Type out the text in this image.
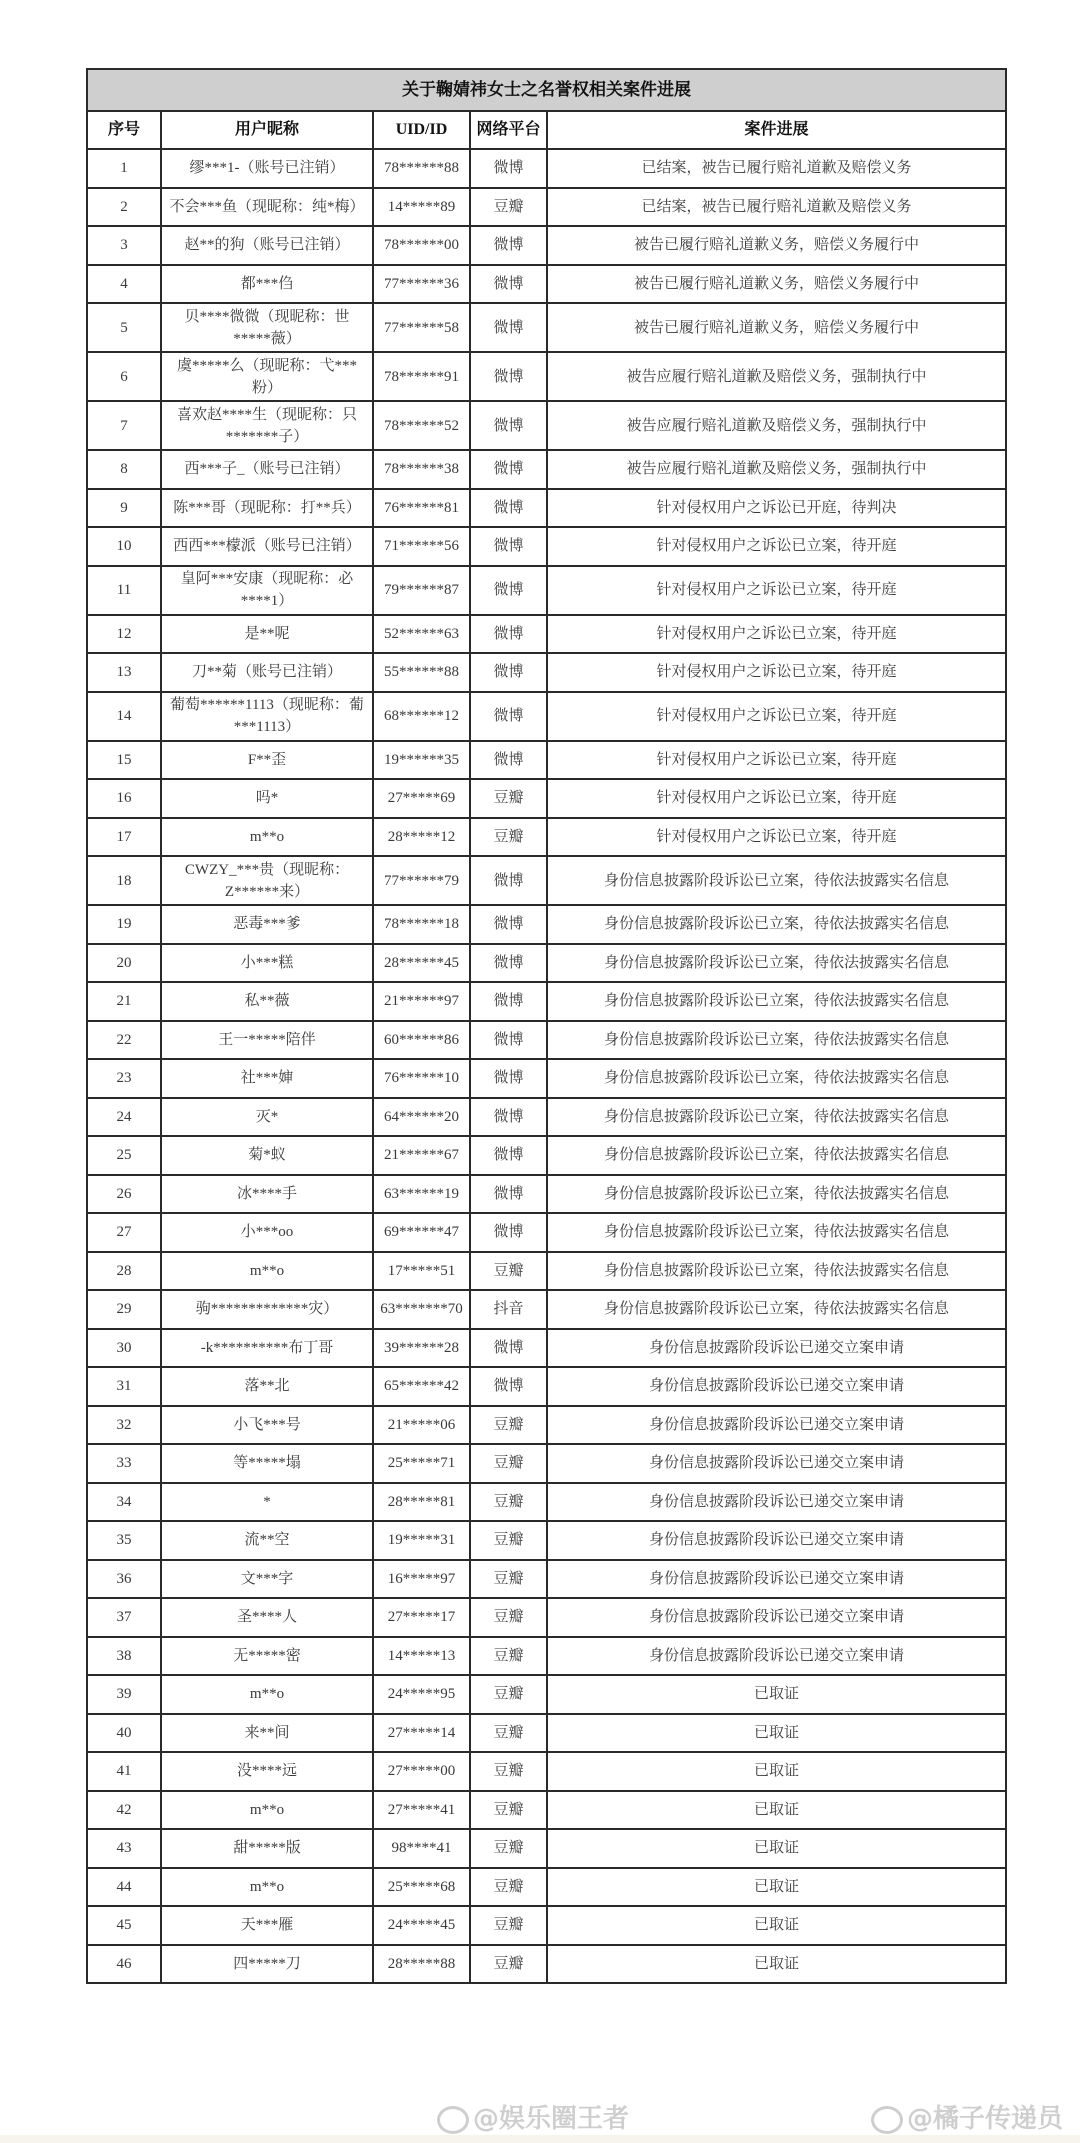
关于鞠婧祎女士之名誉权相关案件进展				
序号	用户昵称	UID/ID	网络平台	案件进展
1	缪***1-（账号已注销）	78******88	微博	已结案，被告已履行赔礼道歉及赔偿义务
2	不会***鱼（现昵称：纯*梅）	14*****89	豆瓣	已结案，被告已履行赔礼道歉及赔偿义务
3	赵**的狗（账号已注销）	78******00	微博	被告已履行赔礼道歉义务，赔偿义务履行中
4	都***㑇	77******36	微博	被告已履行赔礼道歉义务，赔偿义务履行中
5	贝****微微（现昵称：世*****薇）	77******58	微博	被告已履行赔礼道歉义务，赔偿义务履行中
6	虞*****么（现昵称：弋***粉）	78******91	微博	被告应履行赔礼道歉及赔偿义务，强制执行中
7	喜欢赵****生（现昵称：只*******子）	78******52	微博	被告应履行赔礼道歉及赔偿义务，强制执行中
8	西***子_（账号已注销）	78******38	微博	被告应履行赔礼道歉及赔偿义务，强制执行中
9	陈***哥（现昵称：打**兵）	76******81	微博	针对侵权用户之诉讼已开庭，待判决
10	西西***檬派（账号已注销）	71******56	微博	针对侵权用户之诉讼已立案，待开庭
11	皇阿***安康（现昵称：必****1）	79******87	微博	针对侵权用户之诉讼已立案，待开庭
12	是**呢	52******63	微博	针对侵权用户之诉讼已立案，待开庭
13	刀**菊（账号已注销）	55******88	微博	针对侵权用户之诉讼已立案，待开庭
14	葡萄******1113（现昵称：葡***1113）	68******12	微博	针对侵权用户之诉讼已立案，待开庭
15	F**歪	19******35	微博	针对侵权用户之诉讼已立案，待开庭
16	吗*	27*****69	豆瓣	针对侵权用户之诉讼已立案，待开庭
17	m**o	28*****12	豆瓣	针对侵权用户之诉讼已立案，待开庭
18	CWZY_***贵（现昵称：Z******来）	77******79	微博	身份信息披露阶段诉讼已立案，待依法披露实名信息
19	恶毒***爹	78******18	微博	身份信息披露阶段诉讼已立案，待依法披露实名信息
20	小***糕	28******45	微博	身份信息披露阶段诉讼已立案，待依法披露实名信息
21	私**薇	21******97	微博	身份信息披露阶段诉讼已立案，待依法披露实名信息
22	王一*****陪伴	60******86	微博	身份信息披露阶段诉讼已立案，待依法披露实名信息
23	社***婶	76******10	微博	身份信息披露阶段诉讼已立案，待依法披露实名信息
24	灭*	64******20	微博	身份信息披露阶段诉讼已立案，待依法披露实名信息
25	菊*蚁	21******67	微博	身份信息披露阶段诉讼已立案，待依法披露实名信息
26	冰****手	63******19	微博	身份信息披露阶段诉讼已立案，待依法披露实名信息
27	小***oo	69******47	微博	身份信息披露阶段诉讼已立案，待依法披露实名信息
28	m**o	17*****51	豆瓣	身份信息披露阶段诉讼已立案，待依法披露实名信息
29	驹*************灾）	63*******70	抖音	身份信息披露阶段诉讼已立案，待依法披露实名信息
30	-k**********布丁哥	39******28	微博	身份信息披露阶段诉讼已递交立案申请
31	落**北	65******42	微博	身份信息披露阶段诉讼已递交立案申请
32	小飞***号	21*****06	豆瓣	身份信息披露阶段诉讼已递交立案申请
33	等*****塌	25*****71	豆瓣	身份信息披露阶段诉讼已递交立案申请
34	*	28*****81	豆瓣	身份信息披露阶段诉讼已递交立案申请
35	流**空	19*****31	豆瓣	身份信息披露阶段诉讼已递交立案申请
36	文***字	16*****97	豆瓣	身份信息披露阶段诉讼已递交立案申请
37	圣****人	27*****17	豆瓣	身份信息披露阶段诉讼已递交立案申请
38	无*****密	14*****13	豆瓣	身份信息披露阶段诉讼已递交立案申请
39	m**o	24*****95	豆瓣	已取证
40	来**间	27*****14	豆瓣	已取证
41	没****远	27*****00	豆瓣	已取证
42	m**o	27*****41	豆瓣	已取证
43	甜*****版	98****41	豆瓣	已取证
44	m**o	25*****68	豆瓣	已取证
45	天***雁	24*****45	豆瓣	已取证
46	四*****刀	28*****88	豆瓣	已取证
@娱乐圈王者	@橘子传递员
